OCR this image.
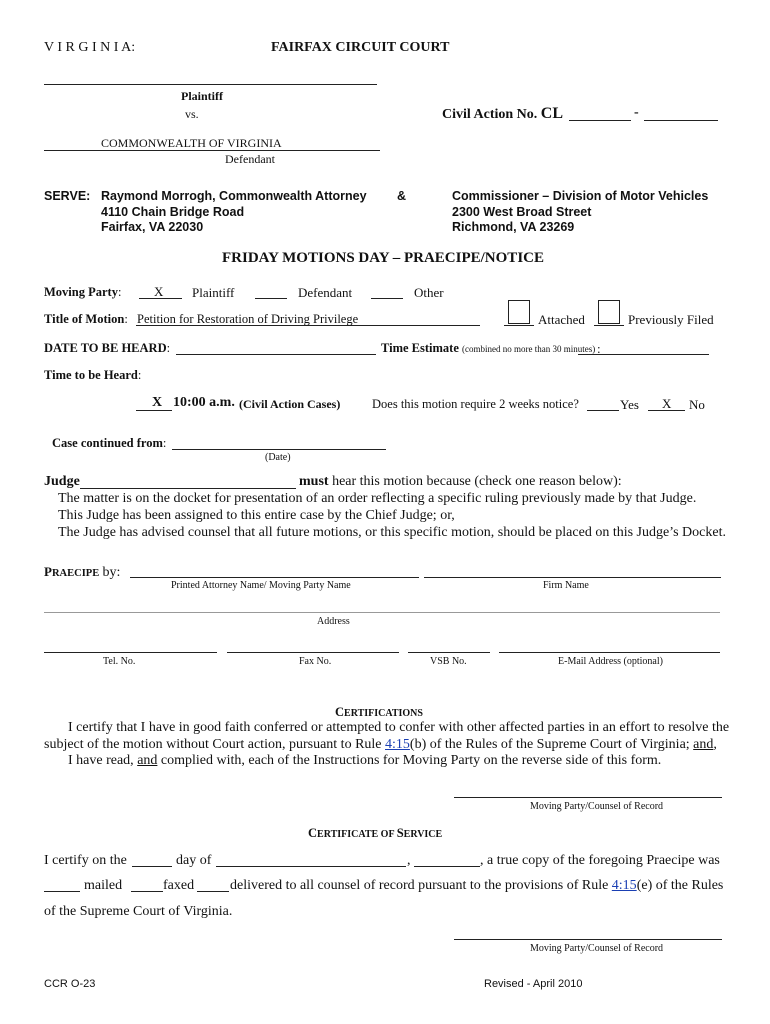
V I R G I N I A:	FAIRFAX CIRCUIT COURT
Plaintiff
vs.	Civil Action No. CL	-
COMMONWEALTH OF VIRGINIA
Defendant
SERVE: Raymond Morrogh, Commonwealth Attorney
4110 Chain Bridge Road
Fairfax, VA 22030
&	Commissioner – Division of Motor Vehicles
2300 West Broad Street
Richmond, VA 23269
FRIDAY MOTIONS DAY – PRAECIPE/NOTICE
Moving Party:	X Plaintiff	Defendant	Other
Title of Motion: Petition for Restoration of Driving Privilege	Attached	Previously Filed
DATE TO BE HEARD:	Time Estimate (combined no more than 30 minutes) :
Time to be Heard:
X 10:00 a.m. (Civil Action Cases)	Does this motion require 2 weeks notice?	Yes X No
Case continued from:
(Date)
Judge	must hear this motion because (check one reason below):
The matter is on the docket for presentation of an order reflecting a specific ruling previously made by that Judge.
This Judge has been assigned to this entire case by the Chief Judge; or,
The Judge has advised counsel that all future motions, or this specific motion, should be placed on this Judge’s Docket.
PRAECIPE by:
Printed Attorney Name/ Moving Party Name	Firm Name
Address
Tel. No.	Fax No.	VSB No.	E-Mail Address (optional)
CERTIFICATIONS
I certify that I have in good faith conferred or attempted to confer with other affected parties in an effort to resolve the
subject of the motion without Court action, pursuant to Rule 4:15(b) of the Rules of the Supreme Court of Virginia; and,
I have read, and complied with, each of the Instructions for Moving Party on the reverse side of this form.
Moving Party/Counsel of Record
CERTIFICATE OF SERVICE
I certify on the	day of	,	, a true copy of the foregoing Praecipe was
mailed	faxed	delivered to all counsel of record pursuant to the provisions of Rule 4:15(e) of the Rules
of the Supreme Court of Virginia.
Moving Party/Counsel of Record
CCR O-23	Revised - April 2010
